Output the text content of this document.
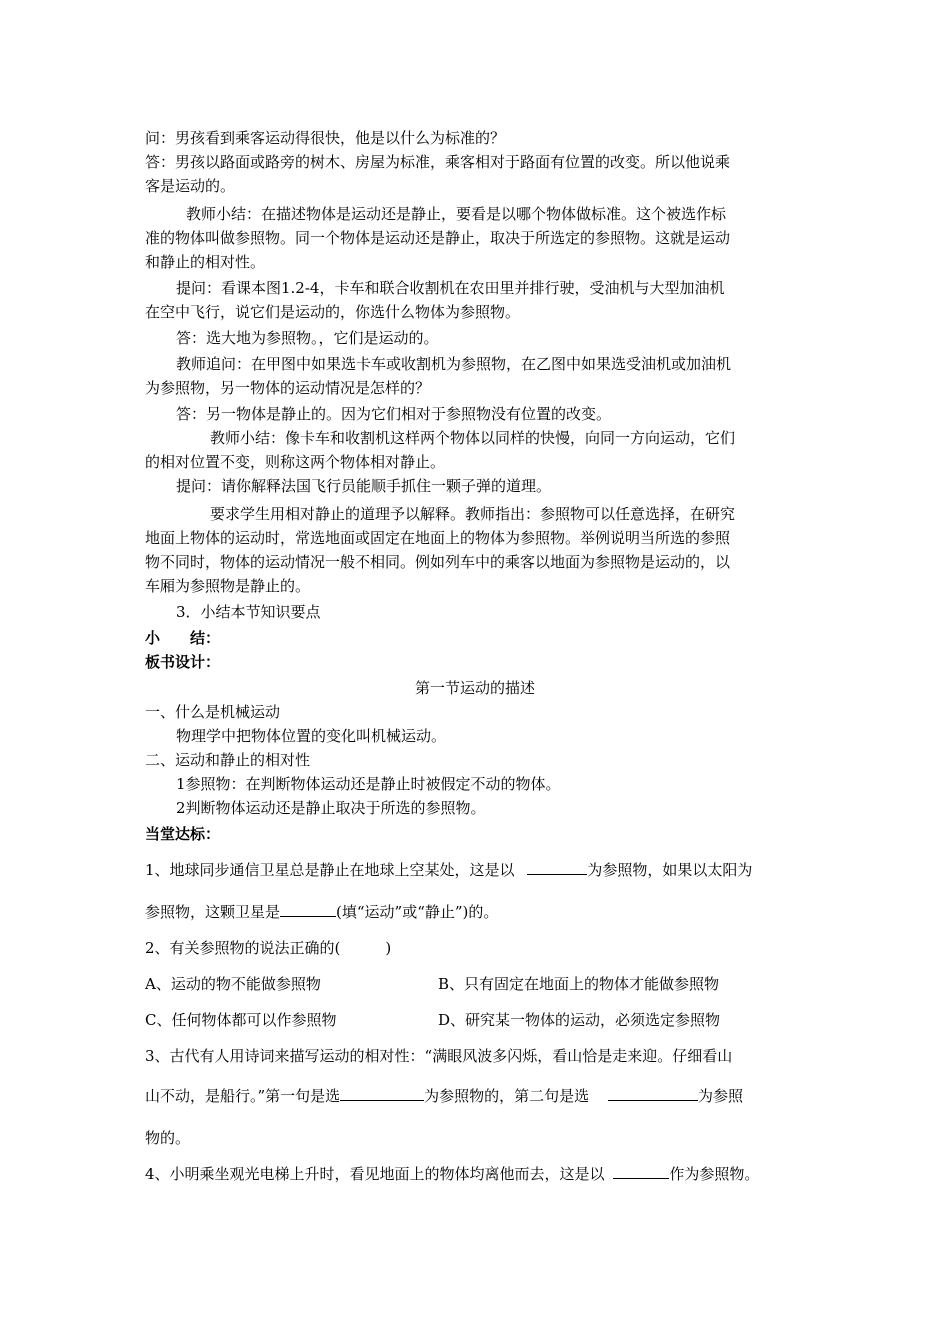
问：男孩看到乘客运动得很快，他是以什么为标准的？
答：男孩以路面或路旁的树木、房屋为标准，乘客相对于路面有位置的改变。所以他说乘
客是运动的。
教师小结：在描述物体是运动还是静止，要看是以哪个物体做标准。这个被选作标
准的物体叫做参照物。同一个物体是运动还是静止，取决于所选定的参照物。这就是运动
和静止的相对性。
提问：看课本图1.2-4，卡车和联合收割机在农田里并排行驶，受油机与大型加油机
在空中飞行，说它们是运动的，你选什么物体为参照物。
答：选大地为参照物。，它们是运动的。
教师追问：在甲图中如果选卡车或收割机为参照物，在乙图中如果选受油机或加油机
为参照物，另一物体的运动情况是怎样的？
答：另一物体是静止的。因为它们相对于参照物没有位置的改变。
教师小结：像卡车和收割机这样两个物体以同样的快慢，向同一方向运动，它们
的相对位置不变，则称这两个物体相对静止。
提问：请你解释法国飞行员能顺手抓住一颗子弹的道理。
要求学生用相对静止的道理予以解释。教师指出：参照物可以任意选择，在研究
地面上物体的运动时，常选地面或固定在地面上的物体为参照物。举例说明当所选的参照
物不同时，物体的运动情况一般不相同。例如列车中的乘客以地面为参照物是运动的，以
车厢为参照物是静止的。
3．小结本节知识要点
小　　结：
板书设计：
第一节运动的描述
一、什么是机械运动
物理学中把物体位置的变化叫机械运动。
二、运动和静止的相对性
1参照物：在判断物体运动还是静止时被假定不动的物体。
2判断物体运动还是静止取决于所选的参照物。
当堂达标：
1、地球同步通信卫星总是静止在地球上空某处，这是以	为参照物，如果以太阳为
参照物，这颗卫星是	(填“运动”或“静止”)的。
2、有关参照物的说法正确的(　　　)
A、运动的物不能做参照物	B、只有固定在地面上的物体才能做参照物
C、任何物体都可以作参照物	D、研究某一物体的运动，必须选定参照物
3、古代有人用诗词来描写运动的相对性：“满眼风波多闪烁，看山恰是走来迎。仔细看山
山不动，是船行。”第一句是选	为参照物的，第二句是选	为参照
物的。
4、小明乘坐观光电梯上升时，看见地面上的物体均离他而去，这是以	作为参照物。
